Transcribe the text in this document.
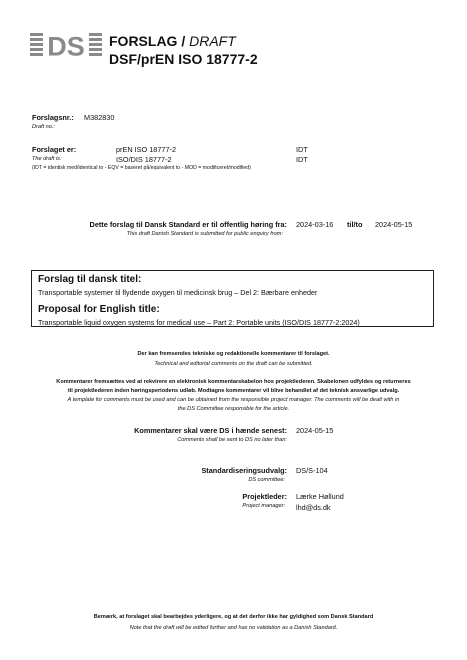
DS FORSLAG / DRAFT
DSF/prEN ISO 18777-2
Forslagsnr.: M382830
Draft no.:
Forslaget er:	prEN ISO 18777-2	IDT
The draft is:	ISO/DIS 18777-2	IDT
(IDT = identisk med/identical to - EQV = baseret på/equivalent to - MOD = modificeret/modified)
Dette forslag til Dansk Standard er til offentlig høring fra:
This draft Danish Standard is submitted for public enquiry from:
2024-03-16 til/to 2024-05-15
Forslag til dansk titel:
Transportable systemer til flydende oxygen til medicinsk brug – Del 2: Bærbare enheder
Proposal for English title:
Transportable liquid oxygen systems for medical use – Part 2: Portable units (ISO/DIS 18777-2:2024)
Der kan fremsendes tekniske og redaktionelle kommentarer til forslaget.
Technical and editorial comments on the draft can be submitted.
Kommentarer fremsættes ved at rekvirere en elektronisk kommentarskabelon hos projektlederen. Skabelonen udfyldes og returneres
til projektlederen inden høringsperiodens udløb. Modtagne kommentarer vil blive behandlet af det teknisk ansvarlige udvalg.
A template for comments must be used and can be obtained from the responsible project manager. The comments will be dealt with in
the DS Committee responsible for the article.
Kommentarer skal være DS i hænde senest:
Comments shall be sent to DS no later than:
2024-05-15
Standardiseringsudvalg:
DS committee:
DS/S-104
Projektleder:
Project manager:
Lærke Høllund
lhd@ds.dk
Bemærk, at forslaget skal bearbejdes yderligere, og at det derfor ikke har gyldighed som Dansk Standard
Note that the draft will be edited further and has no validation as a Danish Standard.
